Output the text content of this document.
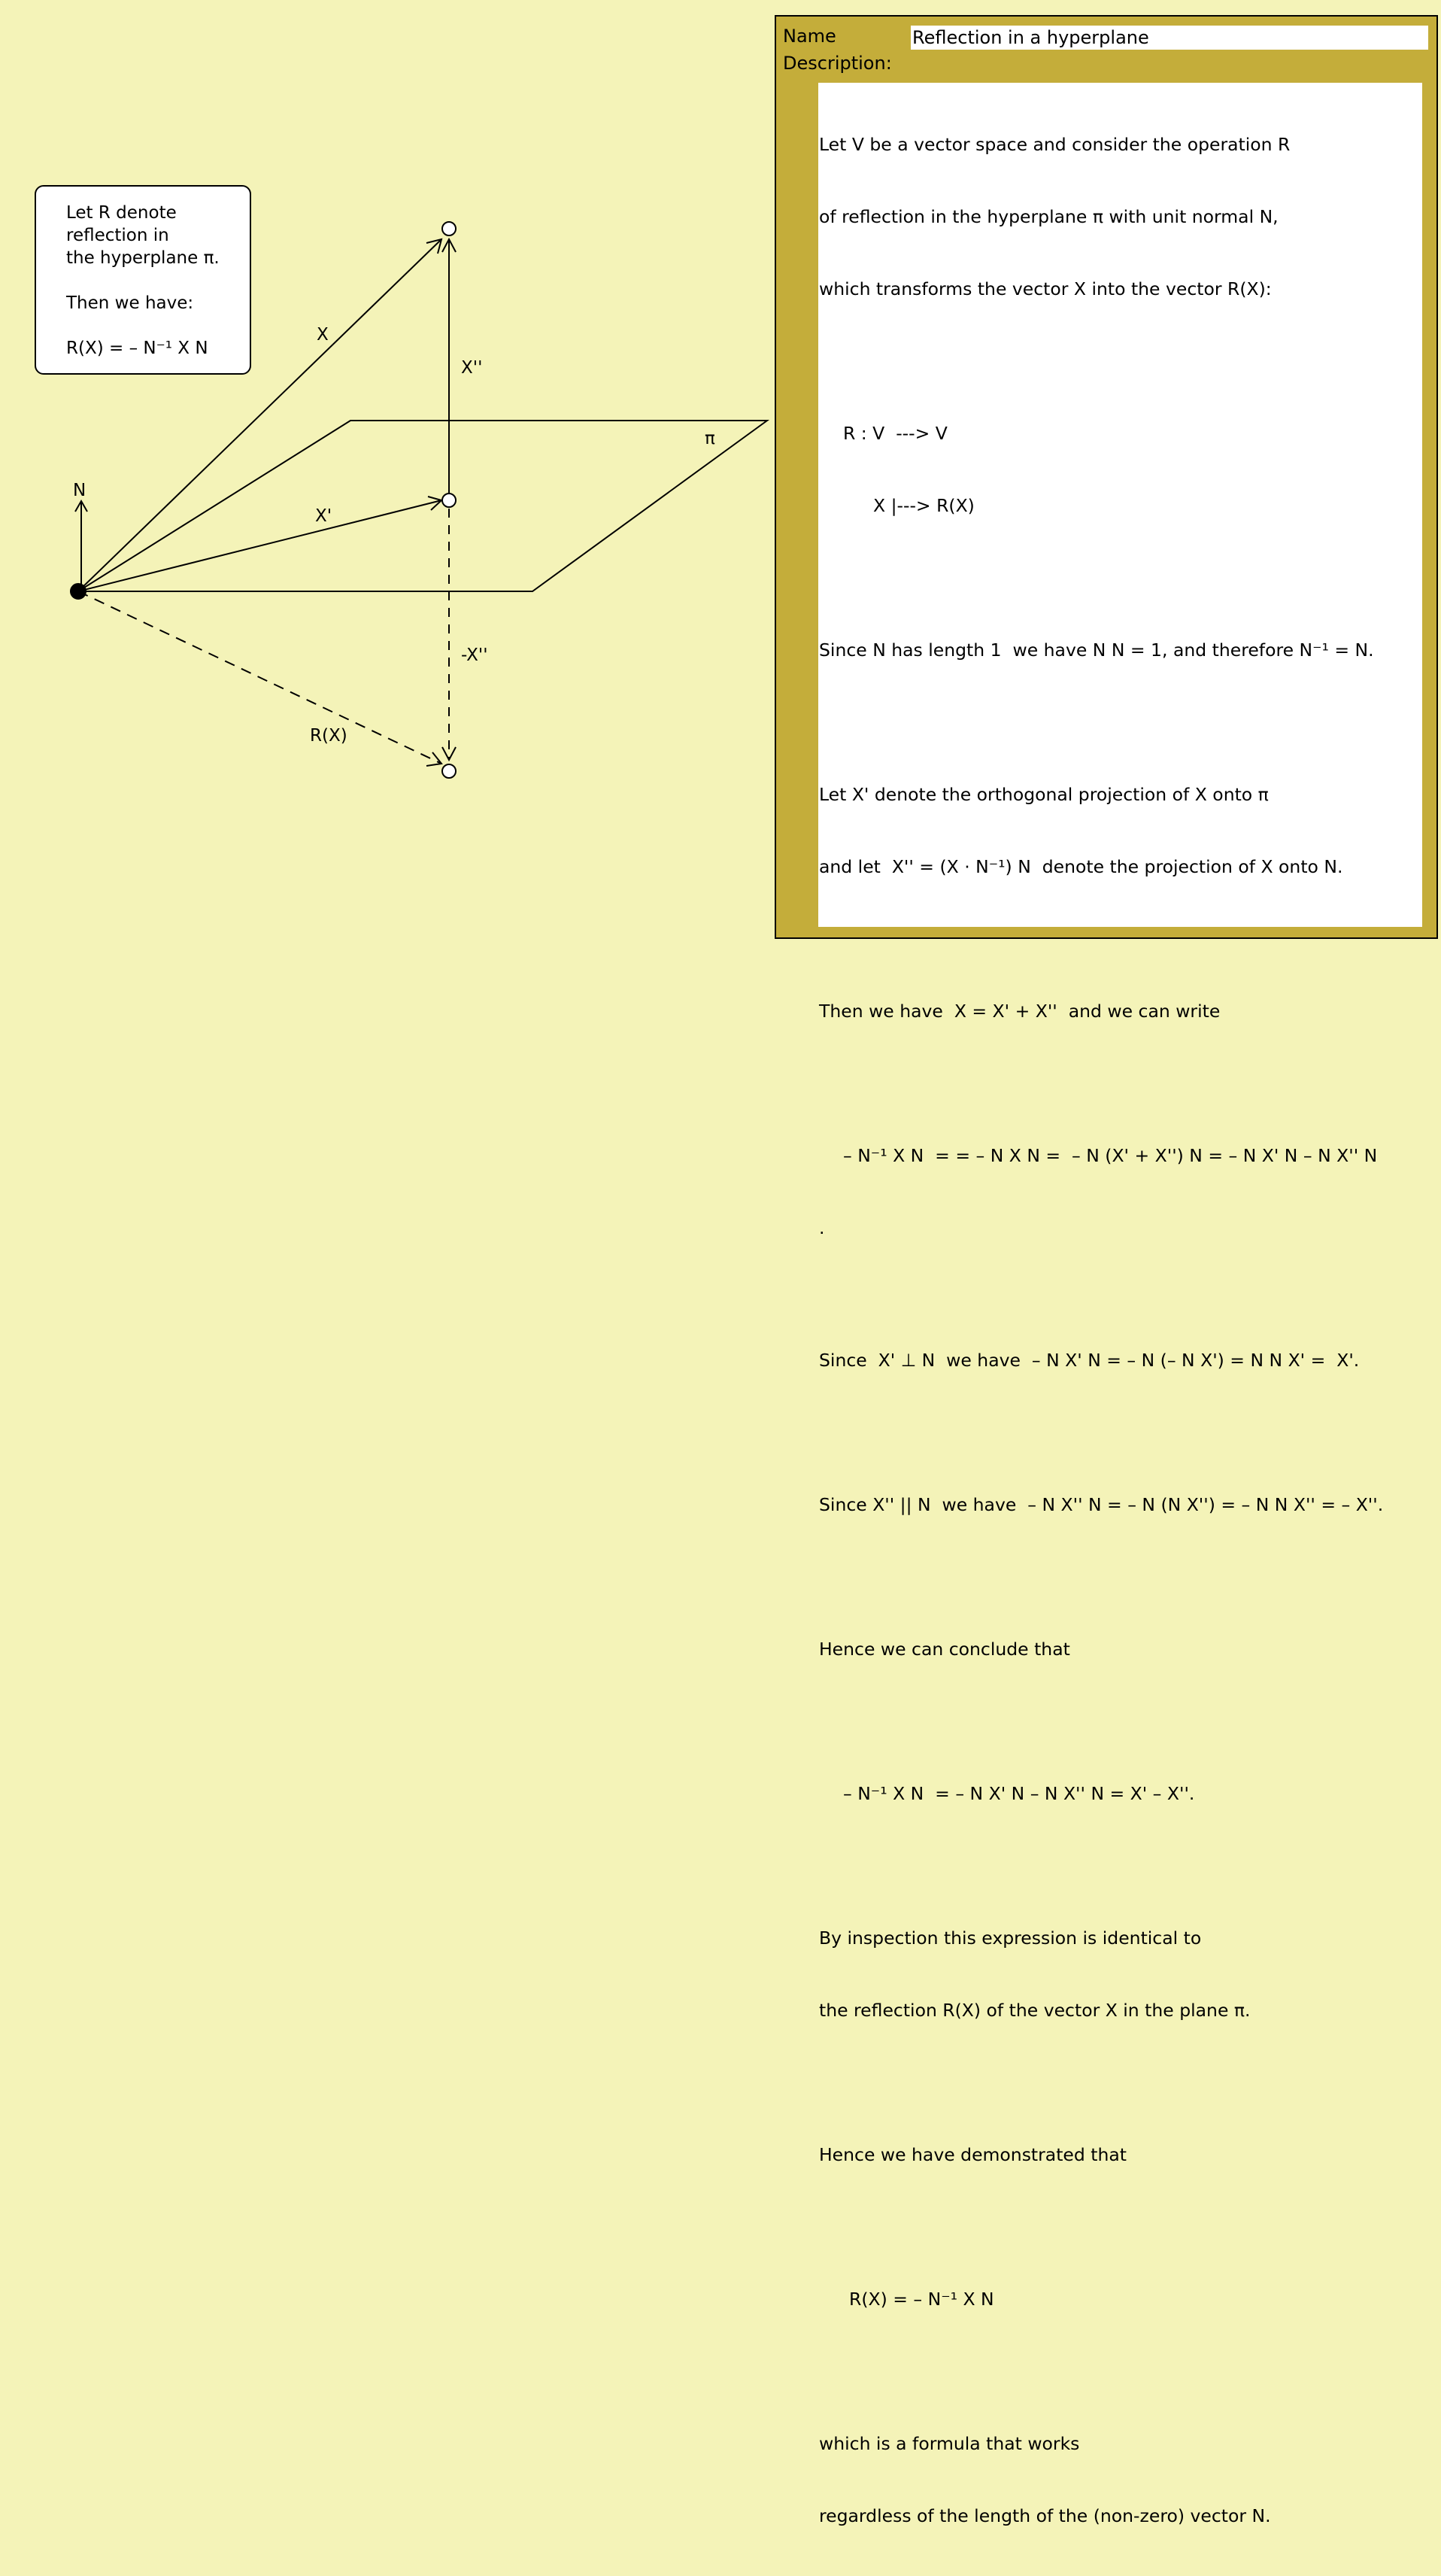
N
X
X''
X'
π
-X''
R(X)
Let R denote
reflection in
the hyperplane π.
Then we have:
R(X) = – N⁻¹ X N
Name
Reflection in a hyperplane
Description:

Let V be a vector space and consider the operation R

of reflection in the hyperplane π with unit normal N,

which transforms the vector X into the vector R(X):

R : V  ---> V

X |---> R(X)

Since N has length 1  we have N N = 1, and therefore N⁻¹ = N.

Let X' denote the orthogonal projection of X onto π

and let  X'' = (X · N⁻¹) N  denote the projection of X onto N.

Then we have  X = X' + X''  and we can write

– N⁻¹ X N  = = – N X N =  – N (X' + X'') N = – N X' N – N X'' N

.

Since  X' ⊥ N  we have  – N X' N = – N (– N X') = N N X' =  X'.

Since X'' || N  we have  – N X'' N = – N (N X'') = – N N X'' = – X''.

Hence we can conclude that

– N⁻¹ X N  = – N X' N – N X'' N = X' – X''.

By inspection this expression is identical to

the reflection R(X) of the vector X in the plane π.

Hence we have demonstrated that

R(X) = – N⁻¹ X N

which is a formula that works

regardless of the length of the (non-zero) vector N.
